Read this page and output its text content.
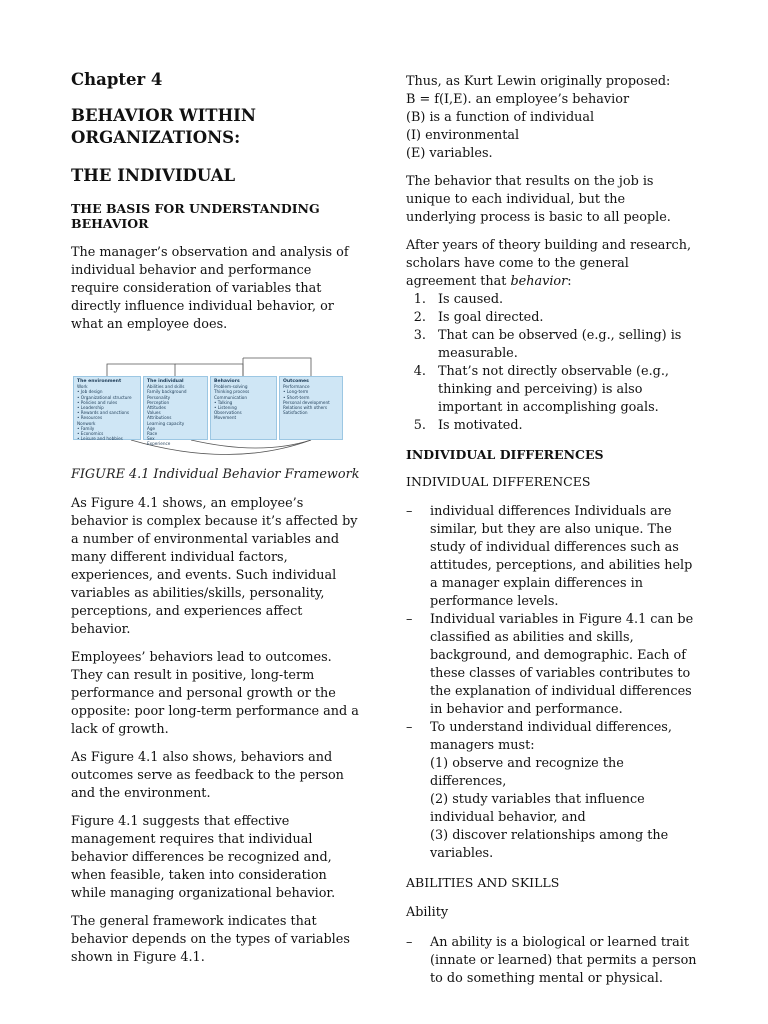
Chapter 4
BEHAVIOR WITHIN
ORGANIZATIONS:
THE INDIVIDUAL
THE BASIS FOR UNDERSTANDING BEHAVIOR

The manager’s observation and analysis of individual behavior and performance require consideration of variables that directly influence individual behavior, or what an employee does.

The environment
Work
• Job design
• Organizational structure
• Policies and rules
• Leadership
• Rewards and sanctions
• Resources
Nonwork
• Family
• Economics
• Leisure and hobbies
The individual
Abilities and skills
Family background
Personality
Perception
Attitudes
Values
Attributions
Learning capacity
Age
Race
Sex
Experience
Behaviors
Problem-solving
Thinking process
Communication
• Talking
• Listening
Observations
Movement
Outcomes
Performance
• Long-term
• Short-term
Personal development
Relations with others
Satisfaction
FIGURE 4.1 Individual Behavior Framework

As Figure 4.1 shows, an employee’s behavior is complex because it’s affected by a number of environmental variables and many different individual factors, experiences, and events. Such individual variables as abilities/skills, personality, perceptions, and experiences affect behavior.

Employees’ behaviors lead to outcomes. They can result in positive, long-term performance and personal growth or the opposite: poor long-term performance and a lack of growth.

As Figure 4.1 also shows, behaviors and outcomes serve as feedback to the person and the environment.

Figure 4.1 suggests that effective management requires that individual behavior differences be recognized and, when feasible, taken into consideration while managing organizational behavior.

The general framework indicates that behavior depends on the types of variables shown in Figure 4.1.

Thus, as Kurt Lewin originally proposed:

B = f(I,E). an employee’s behavior

(B) is a function of individual

(I) environmental

(E) variables.

The behavior that results on the job is unique to each individual, but the underlying process is basic to all people.

After years of theory building and research, scholars have come to the general agreement that behavior:

1. Is caused.
2. Is goal directed.
3. That can be observed (e.g., selling) is measurable.
4. That’s not directly observable (e.g., thinking and perceiving) is also important in accomplishing goals.
5. Is motivated.
INDIVIDUAL DIFFERENCES
INDIVIDUAL DIFFERENCES
– individual differences Individuals are similar, but they are also unique. The study of individual differences such as attitudes, perceptions, and abilities help a manager explain differences in performance levels.
– Individual variables in Figure 4.1 can be classified as abilities and skills, background, and demographic. Each of these classes of variables contributes to the explanation of individual differences in behavior and performance.
– To understand individual differences, managers must:
(1) observe and recognize the differences,
(2) study variables that influence individual behavior, and
(3) discover relationships among the variables.
ABILITIES AND SKILLS

Ability

– An ability is a biological or learned trait (innate or learned) that permits a person to do something mental or physical.
